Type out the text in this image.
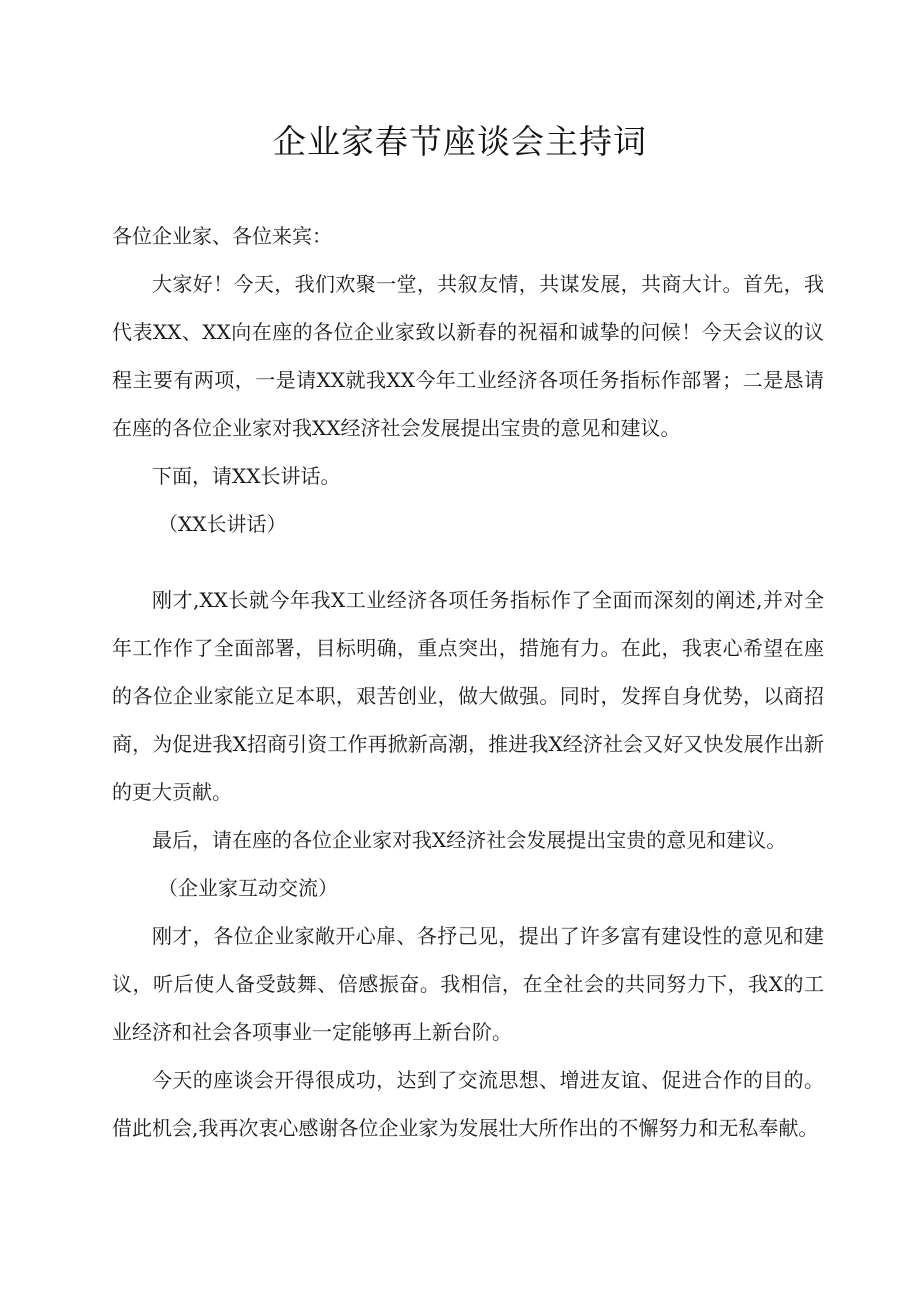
企业家春节座谈会主持词

各位企业家、各位来宾：

大家好！今天，我们欢聚一堂，共叙友情，共谋发展，共商大计。首先，我代表XX、XX向在座的各位企业家致以新春的祝福和诚挚的问候！今天会议的议程主要有两项，一是请XX就我XX今年工业经济各项任务指标作部署；二是恳请在座的各位企业家对我XX经济社会发展提出宝贵的意见和建议。

下面，请XX长讲话。

（XX长讲话）

刚才,XX长就今年我X工业经济各项任务指标作了全面而深刻的阐述,并对全年工作作了全面部署，目标明确，重点突出，措施有力。在此，我衷心希望在座的各位企业家能立足本职，艰苦创业，做大做强。同时，发挥自身优势，以商招商，为促进我X招商引资工作再掀新高潮，推进我X经济社会又好又快发展作出新的更大贡献。

最后，请在座的各位企业家对我X经济社会发展提出宝贵的意见和建议。

（企业家互动交流）

刚才，各位企业家敞开心扉、各抒己见，提出了许多富有建设性的意见和建议，听后使人备受鼓舞、倍感振奋。我相信，在全社会的共同努力下，我X的工业经济和社会各项事业一定能够再上新台阶。

今天的座谈会开得很成功，达到了交流思想、增进友谊、促进合作的目的。借此机会,我再次衷心感谢各位企业家为发展壮大所作出的不懈努力和无私奉献。
